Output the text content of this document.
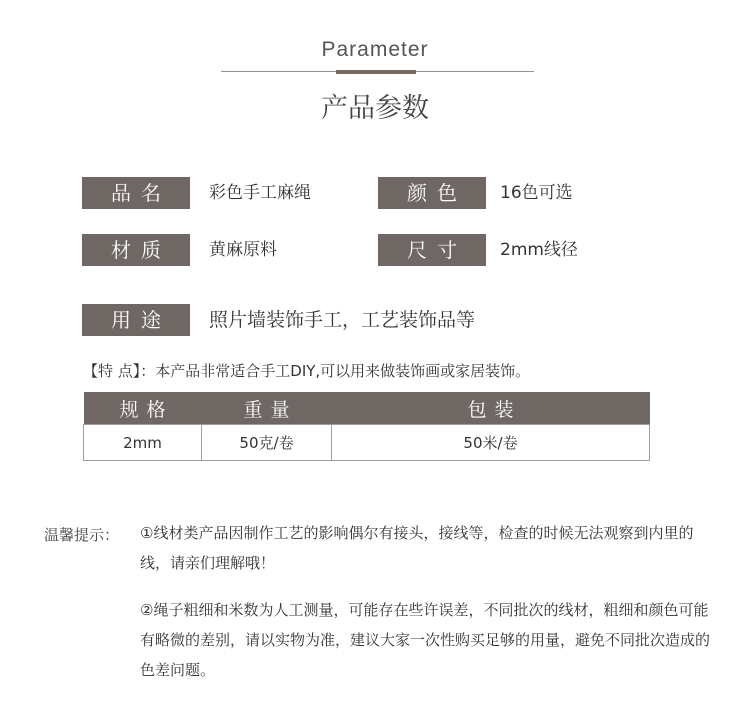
Parameter
产品参数
品名	彩色手工麻绳	颜色	16色可选
材质	黄麻原料	尺寸	2mm线径
用途	照片墙装饰手工，工艺装饰品等
【特 点】：本产品非常适合手工DIY,可以用来做装饰画或家居装饰。
规格	重量	包装
2mm	50克/卷	50米/卷
温馨提示： ①线材类产品因制作工艺的影响偶尔有接头，接线等，检查的时候无法观察到内里的线，请亲们理解哦！
②绳子粗细和米数为人工测量，可能存在些许误差，不同批次的线材，粗细和颜色可能有略微的差别，请以实物为准，建议大家一次性购买足够的用量，避免不同批次造成的色差问题。
